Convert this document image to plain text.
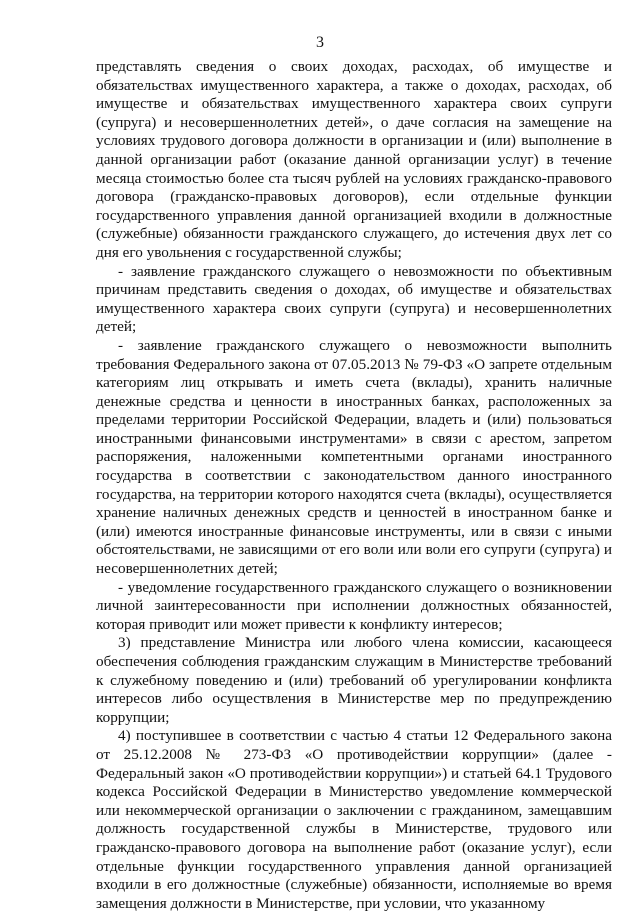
3

представлять сведения о своих доходах, расходах, об имуществе и обязательствах имущественного характера, а также о доходах, расходах, об имуществе и обязательствах имущественного характера своих супруги (супруга) и несовершеннолетних детей», о даче согласия на замещение на условиях трудового договора должности в организации и (или) выполнение в данной организации работ (оказание данной организации услуг) в течение месяца стоимостью более ста тысяч рублей на условиях гражданско-правового договора (гражданско-правовых договоров), если отдельные функции государственного управления данной организацией входили в должностные (служебные) обязанности гражданского служащего, до истечения двух лет со дня его увольнения с государственной службы;

- заявление гражданского служащего о невозможности по объективным причинам представить сведения о доходах, об имуществе и обязательствах имущественного характера своих супруги (супруга) и несовершеннолетних детей;

- заявление гражданского служащего о невозможности выполнить требования Федерального закона от 07.05.2013 № 79-ФЗ «О запрете отдельным категориям лиц открывать и иметь счета (вклады), хранить наличные денежные средства и ценности в иностранных банках, расположенных за пределами территории Российской Федерации, владеть и (или) пользоваться иностранными финансовыми инструментами» в связи с арестом, запретом распоряжения, наложенными компетентными органами иностранного государства в соответствии с законодательством данного иностранного государства, на территории которого находятся счета (вклады), осуществляется хранение наличных денежных средств и ценностей в иностранном банке и (или) имеются иностранные финансовые инструменты, или в связи с иными обстоятельствами, не зависящими от его воли или воли его супруги (супруга) и несовершеннолетних детей;

- уведомление государственного гражданского служащего о возникновении личной заинтересованности при исполнении должностных обязанностей, которая приводит или может привести к конфликту интересов;

3) представление Министра или любого члена комиссии, касающееся обеспечения соблюдения гражданским служащим в Министерстве требований к служебному поведению и (или) требований об урегулировании конфликта интересов либо осуществления в Министерстве мер по предупреждению коррупции;

4) поступившее в соответствии с частью 4 статьи 12 Федерального закона от 25.12.2008 № 273-ФЗ «О противодействии коррупции» (далее - Федеральный закон «О противодействии коррупции») и статьей 64.1 Трудового кодекса Российской Федерации в Министерство уведомление коммерческой или некоммерческой организации о заключении с гражданином, замещавшим должность государственной службы в Министерстве, трудового или гражданско-правового договора на выполнение работ (оказание услуг), если отдельные функции государственного управления данной организацией входили в его должностные (служебные) обязанности, исполняемые во время замещения должности в Министерстве, при условии, что указанному
